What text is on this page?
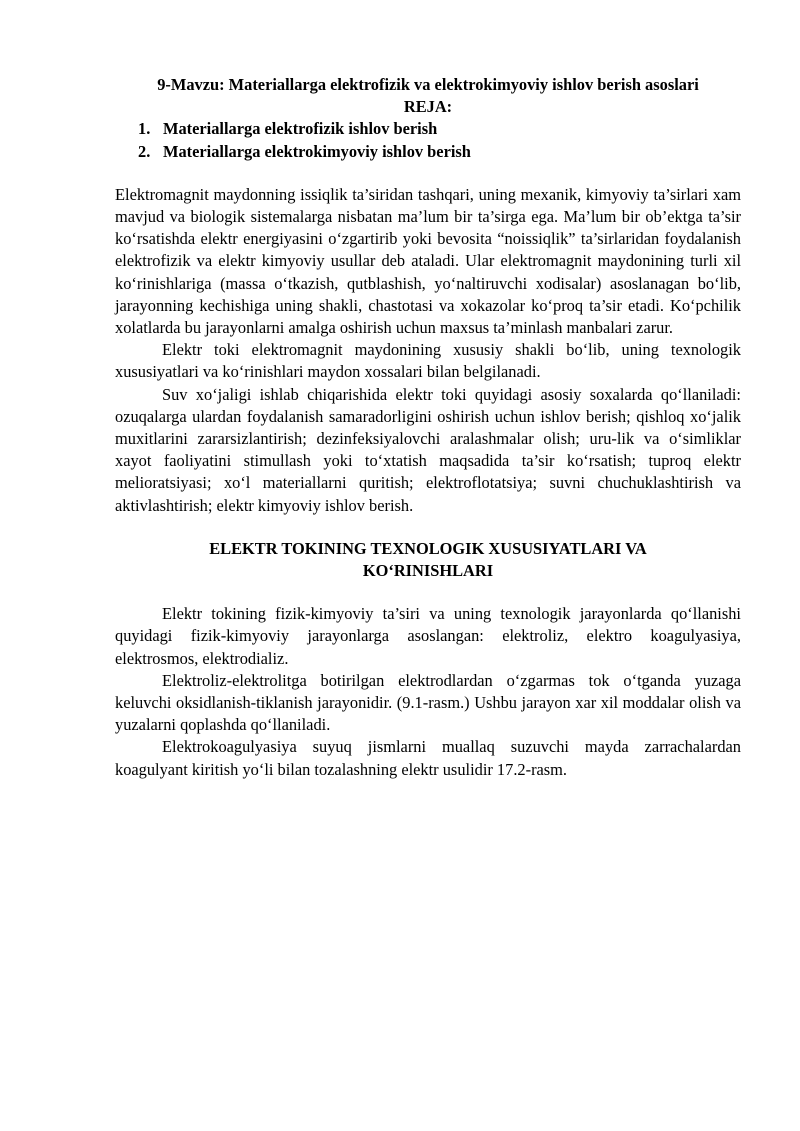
9-Mavzu: Materiallarga elektrofizik va elektrokimyoviy ishlov berish asoslari

REJA:

1. Materiallarga elektrofizik ishlov berish
2. Materiallarga elektrokimyoviy ishlov berish

Elektromagnit maydonning issiqlik ta’siridan tashqari, uning mexanik, kimyoviy ta’sirlari xam mavjud va biologik sistemalarga nisbatan ma’lum bir ta’sirga ega. Ma’lum bir ob’ektga ta’sir ko‘rsatishda elektr energiyasini o‘zgartirib yoki bevosita “noissiqlik” ta’sirlaridan foydalanish elektrofizik va elektr kimyoviy usullar deb ataladi. Ular elektromagnit maydonining turli xil ko‘rinishlariga (massa o‘tkazish, qutblashish, yo‘naltiruvchi xodisalar) asoslanagan bo‘lib, jarayonning kechishiga uning shakli, chastotasi va xokazolar ko‘proq ta’sir etadi. Ko‘pchilik xolatlarda bu jarayonlarni amalga oshirish uchun maxsus ta’minlash manbalari zarur.

Elektr toki elektromagnit maydonining xususiy shakli bo‘lib, uning texnologik xususiyatlari va ko‘rinishlari maydon xossalari bilan belgilanadi.

Suv xo‘jaligi ishlab chiqarishida elektr toki quyidagi asosiy soxalarda qo‘llaniladi: ozuqalarga ulardan foydalanish samaradorligini oshirish uchun ishlov berish; qishloq xo‘jalik muxitlarini zararsizlantirish; dezinfeksiyalovchi aralashmalar olish; uru-lik va o‘simliklar xayot faoliyatini stimullash yoki to‘xtatish maqsadida ta’sir ko‘rsatish; tuproq elektr melioratsiyasi; xo‘l materiallarni quritish; elektroflotatsiya; suvni chuchuklashtirish va aktivlashtirish; elektr kimyoviy ishlov berish.

ELEKTR TOKINING TEXNOLOGIK XUSUSIYATLARI VA KO‘RINISHLARI

Elektr tokining fizik-kimyoviy ta’siri va uning texnologik jarayonlarda qo‘llanishi quyidagi fizik-kimyoviy jarayonlarga asoslangan: elektroliz, elektro koagulyasiya, elektrosmos, elektrodializ.

Elektroliz-elektrolitga botirilgan elektrodlardan o‘zgarmas tok o‘tganda yuzaga keluvchi oksidlanish-tiklanish jarayonidir. (9.1-rasm.) Ushbu jarayon xar xil moddalar olish va yuzalarni qoplashda qo‘llaniladi.

Elektrokoagulyasiya suyuq jismlarni muallaq suzuvchi mayda zarrachalardan koagulyant kiritish yo‘li bilan tozalashning elektr usulidir 17.2-rasm.
